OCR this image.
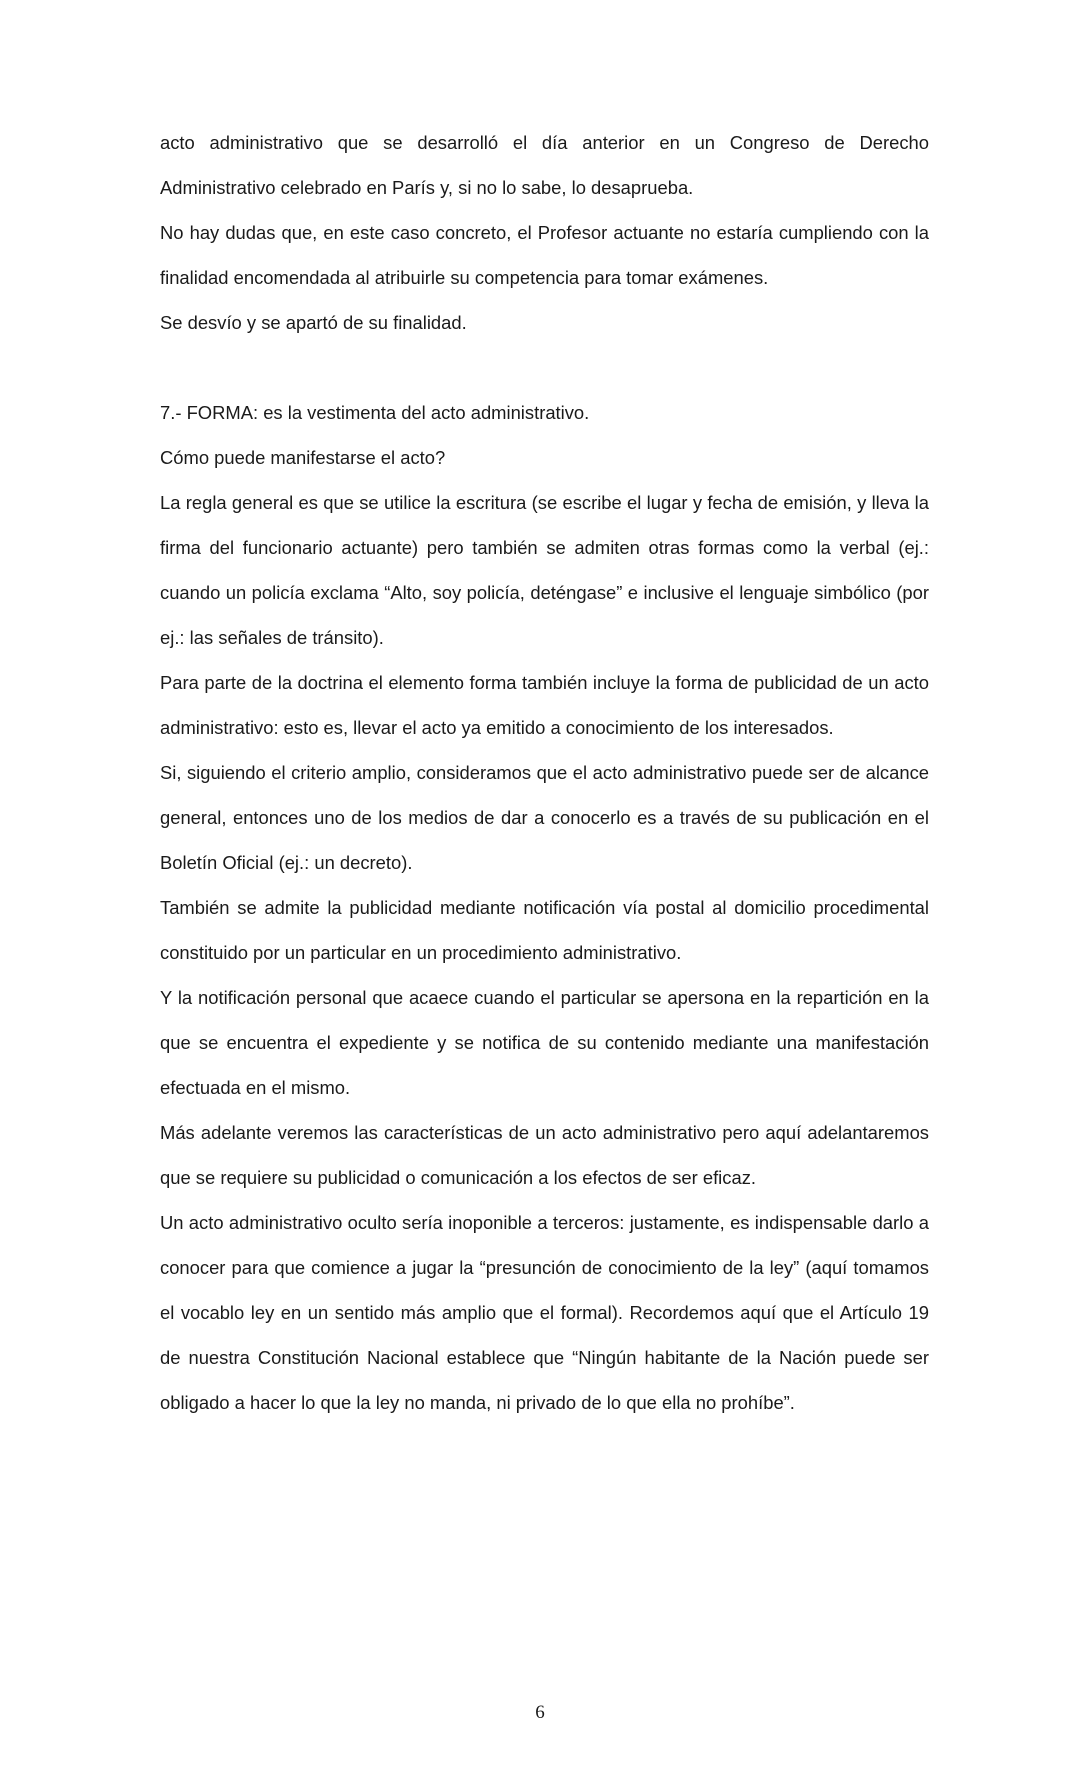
acto administrativo que se desarrolló el día anterior en un Congreso de Derecho Administrativo celebrado en París y, si no lo sabe, lo desaprueba.

No hay dudas que, en este caso concreto, el Profesor actuante no estaría cumpliendo con la finalidad encomendada al atribuirle su competencia para tomar exámenes.

Se desvío y se apartó de su finalidad.

7.- FORMA: es la vestimenta del acto administrativo.

Cómo puede manifestarse el acto?

La regla general es que se utilice la escritura (se escribe el lugar y fecha de emisión, y lleva la firma del funcionario actuante) pero también se admiten otras formas como la verbal (ej.: cuando un policía exclama “Alto, soy policía, deténgase” e inclusive el lenguaje simbólico (por ej.: las señales de tránsito).

Para parte de la doctrina el elemento forma también incluye la forma de publicidad de un acto administrativo: esto es, llevar el acto ya emitido a conocimiento de los interesados.

Si, siguiendo el criterio amplio, consideramos que el acto administrativo puede ser de alcance general, entonces uno de los medios de dar a conocerlo es a través de su publicación en el Boletín Oficial (ej.: un decreto).

También se admite la publicidad mediante notificación vía postal al domicilio procedimental constituido por un particular en un procedimiento administrativo.

Y la notificación personal que acaece cuando el particular se apersona en la repartición en la que se encuentra el expediente y se notifica de su contenido mediante una manifestación efectuada en el mismo.

Más adelante veremos las características de un acto administrativo pero aquí adelantaremos que se requiere su publicidad o comunicación a los efectos de ser eficaz.

Un acto administrativo oculto sería inoponible a terceros: justamente, es indispensable darlo a conocer para que comience a jugar la “presunción de conocimiento de la ley” (aquí tomamos el vocablo ley en un sentido más amplio que el formal). Recordemos aquí que el Artículo 19 de nuestra Constitución Nacional establece que “Ningún habitante de la Nación puede ser obligado a hacer lo que la ley no manda, ni privado de lo que ella no prohíbe”.

6
